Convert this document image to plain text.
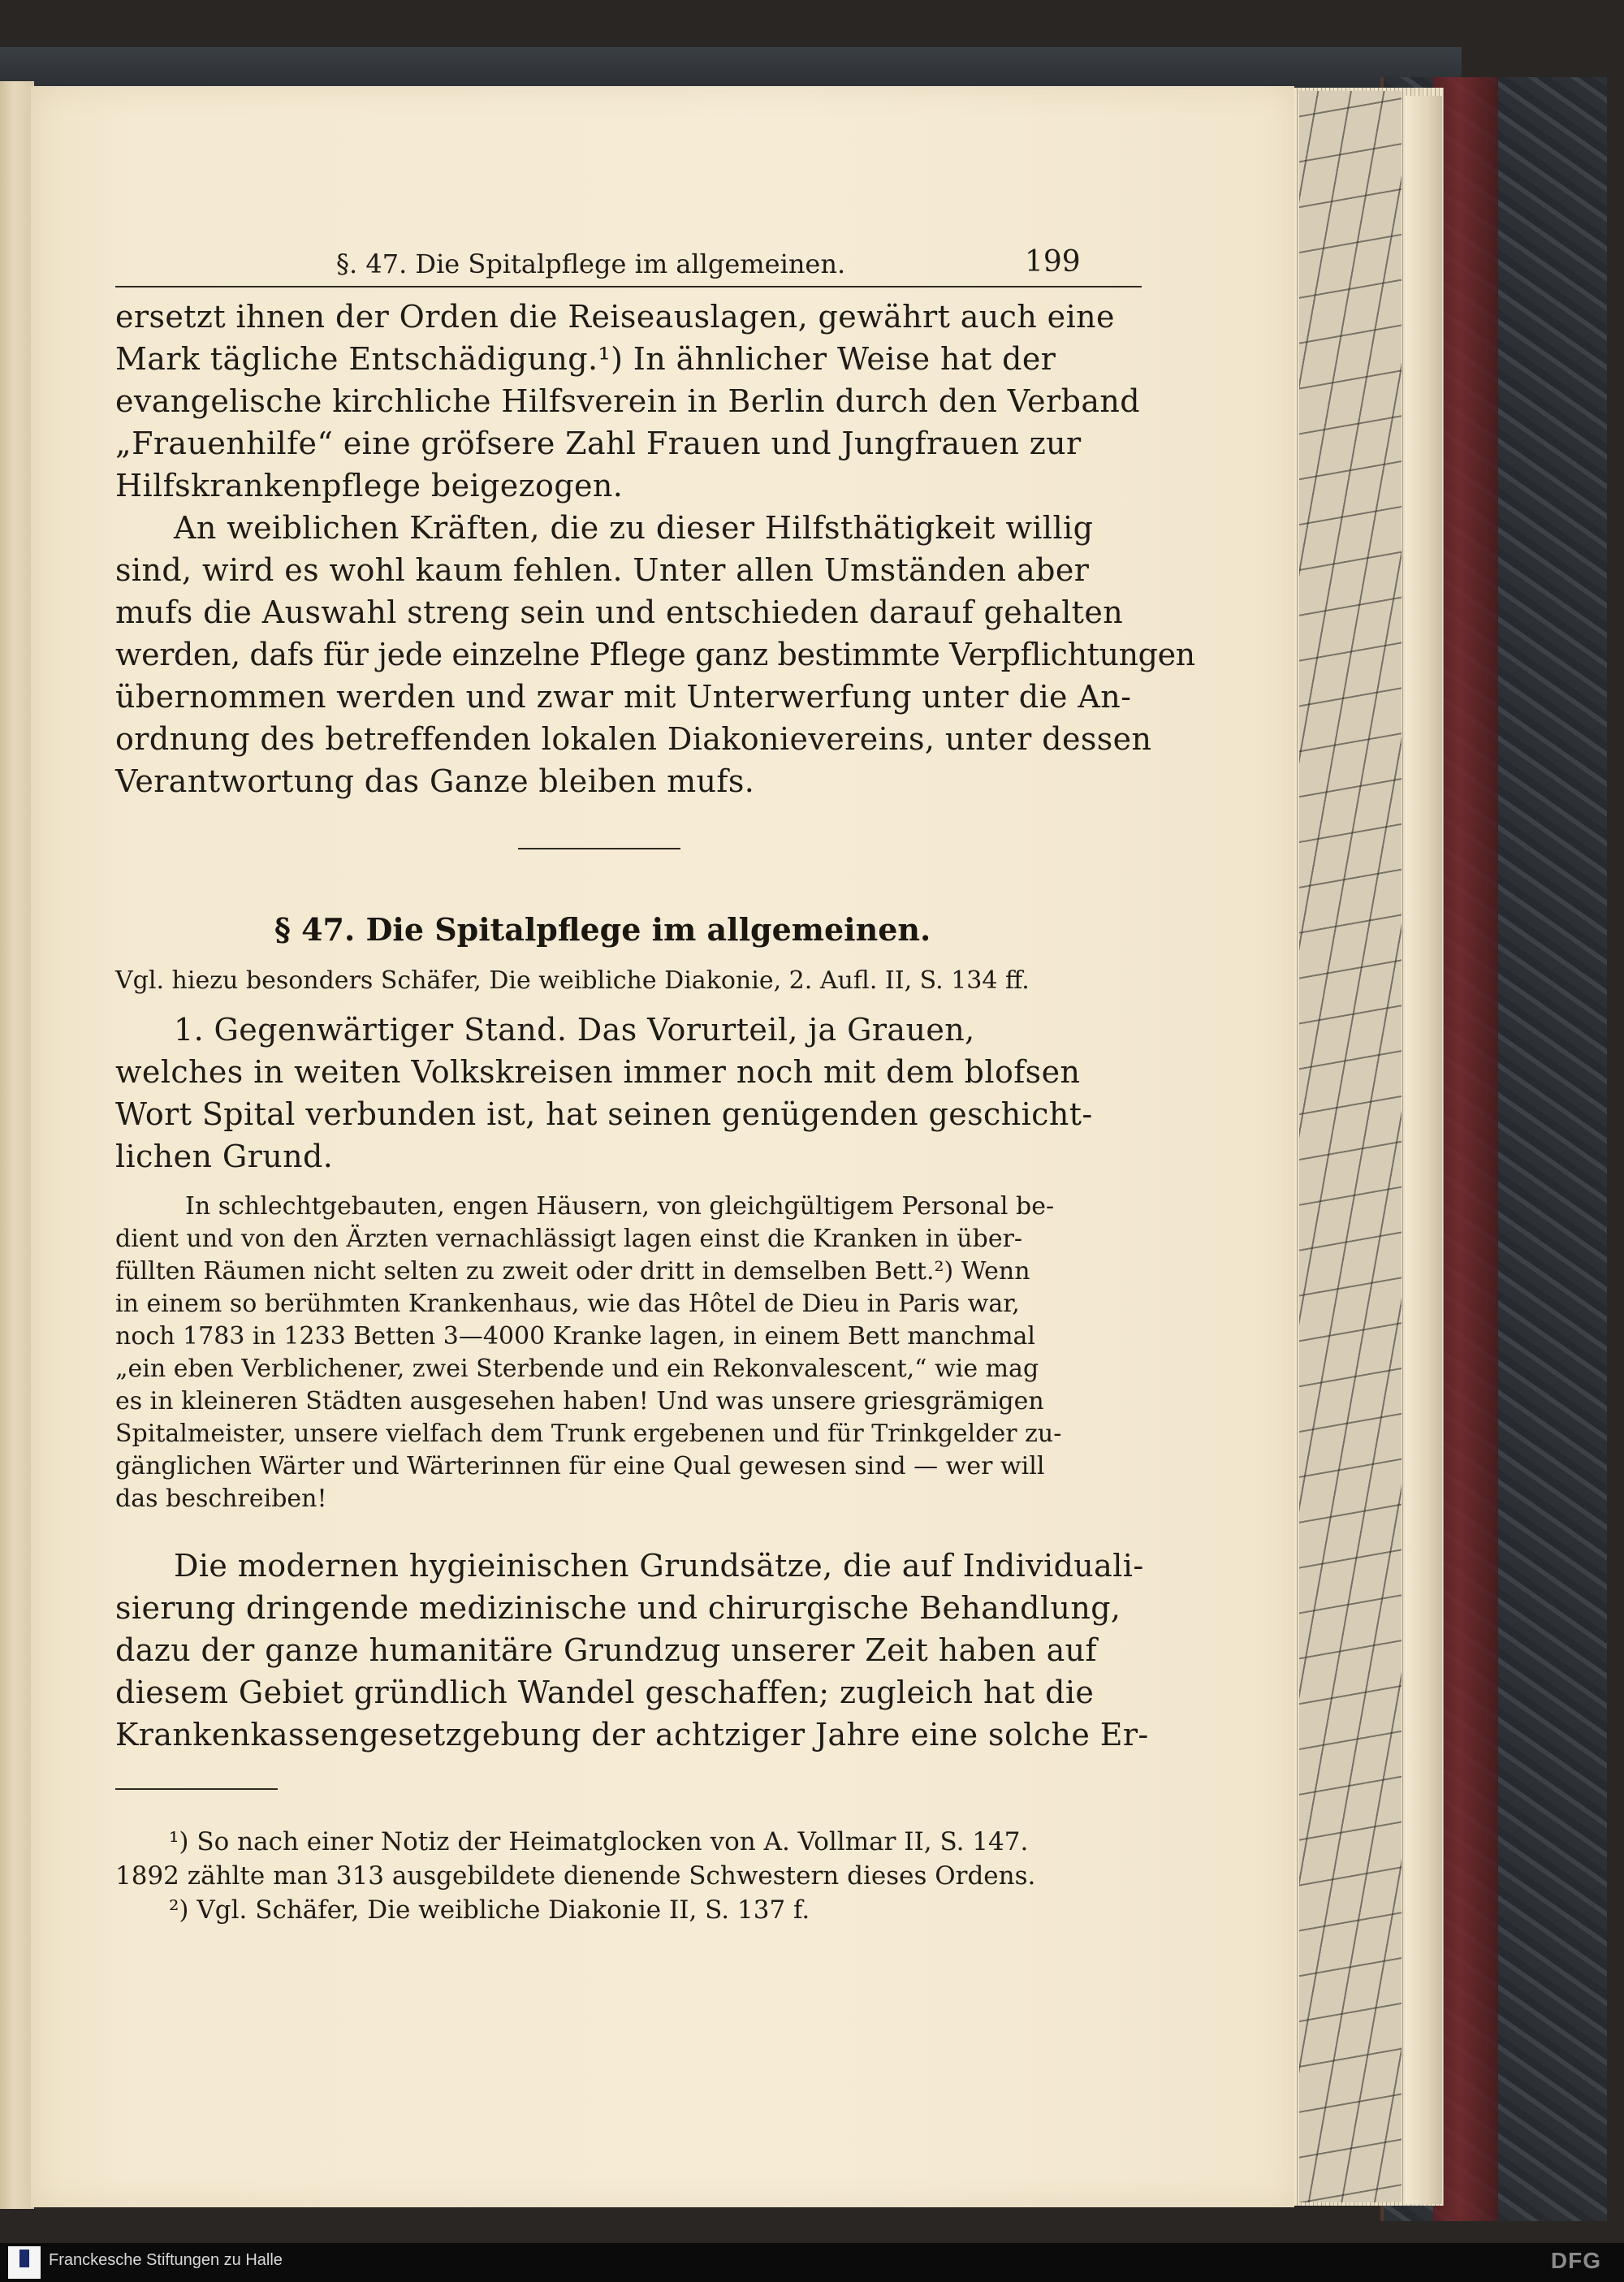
§. 47. Die Spitalpflege im allgemeinen.	199
ersetzt ihnen der Orden die Reiseauslagen, gewährt auch eine
Mark tägliche Entschädigung.¹) In ähnlicher Weise hat der
evangelische kirchliche Hilfsverein in Berlin durch den Verband
„Frauenhilfe“ eine gröfsere Zahl Frauen und Jungfrauen zur
Hilfskrankenpflege beigezogen.
An weiblichen Kräften, die zu dieser Hilfsthätigkeit willig
sind, wird es wohl kaum fehlen. Unter allen Umständen aber
mufs die Auswahl streng sein und entschieden darauf gehalten
werden, dafs für jede einzelne Pflege ganz bestimmte Verpflichtungen
übernommen werden und zwar mit Unterwerfung unter die An-
ordnung des betreffenden lokalen Diakonievereins, unter dessen
Verantwortung das Ganze bleiben mufs.
§ 47. Die Spitalpflege im allgemeinen.
Vgl. hiezu besonders Schäfer, Die weibliche Diakonie, 2. Aufl. II, S. 134 ff.
1. Gegenwärtiger Stand. Das Vorurteil, ja Grauen,
welches in weiten Volkskreisen immer noch mit dem blofsen
Wort Spital verbunden ist, hat seinen genügenden geschicht-
lichen Grund.
In schlechtgebauten, engen Häusern, von gleichgültigem Personal be-
dient und von den Ärzten vernachlässigt lagen einst die Kranken in über-
füllten Räumen nicht selten zu zweit oder dritt in demselben Bett.²) Wenn
in einem so berühmten Krankenhaus, wie das Hôtel de Dieu in Paris war,
noch 1783 in 1233 Betten 3—4000 Kranke lagen, in einem Bett manchmal
„ein eben Verblichener, zwei Sterbende und ein Rekonvalescent,“ wie mag
es in kleineren Städten ausgesehen haben! Und was unsere griesgrämigen
Spitalmeister, unsere vielfach dem Trunk ergebenen und für Trinkgelder zu-
gänglichen Wärter und Wärterinnen für eine Qual gewesen sind — wer will
das beschreiben!
Die modernen hygieinischen Grundsätze, die auf Individuali-
sierung dringende medizinische und chirurgische Behandlung,
dazu der ganze humanitäre Grundzug unserer Zeit haben auf
diesem Gebiet gründlich Wandel geschaffen; zugleich hat die
Krankenkassengesetzgebung der achtziger Jahre eine solche Er-
¹) So nach einer Notiz der Heimatglocken von A. Vollmar II, S. 147.
1892 zählte man 313 ausgebildete dienende Schwestern dieses Ordens.
²) Vgl. Schäfer, Die weibliche Diakonie II, S. 137 f.
Franckesche Stiftungen zu Halle	DFG
